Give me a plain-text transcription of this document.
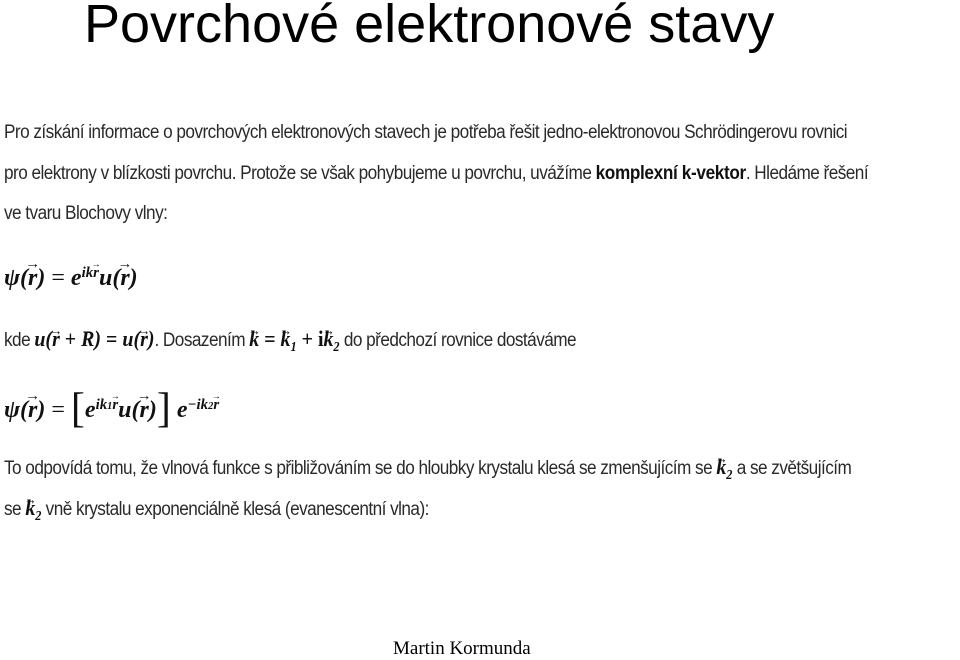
Povrchové elektronové stavy
Pro získání informace o povrchových elektronových stavech je potřeba řešit jedno-elektronovou Schrödingerovu rovnici
pro elektrony v blízkosti povrchu. Protože se však pohybujeme u povrchu, uvážíme komplexní k-vektor. Hledáme řešení
ve tvaru Blochovy vlny:
$\psi(\to r) = e^{ik\to r}u(\to r)$
kde u(→ r + → R) = u(→ r). Dosazením → k = → $k_1 + i\to k_2$ do předchozí rovnice dostáváme
$\psi(\to r) = [e^{ik1\to r}u(\to r)]$ $e^{-ik2\to r}$
To odpovídá tomu, že vlnová funkce s přibližováním se do hloubky krystalu klesá se zmenšujícím se → $k_2$ a se zvětšujícím
se → $k_2$ vně krystalu exponenciálně klesá (evanescentní vlna):
Martin Kormunda
